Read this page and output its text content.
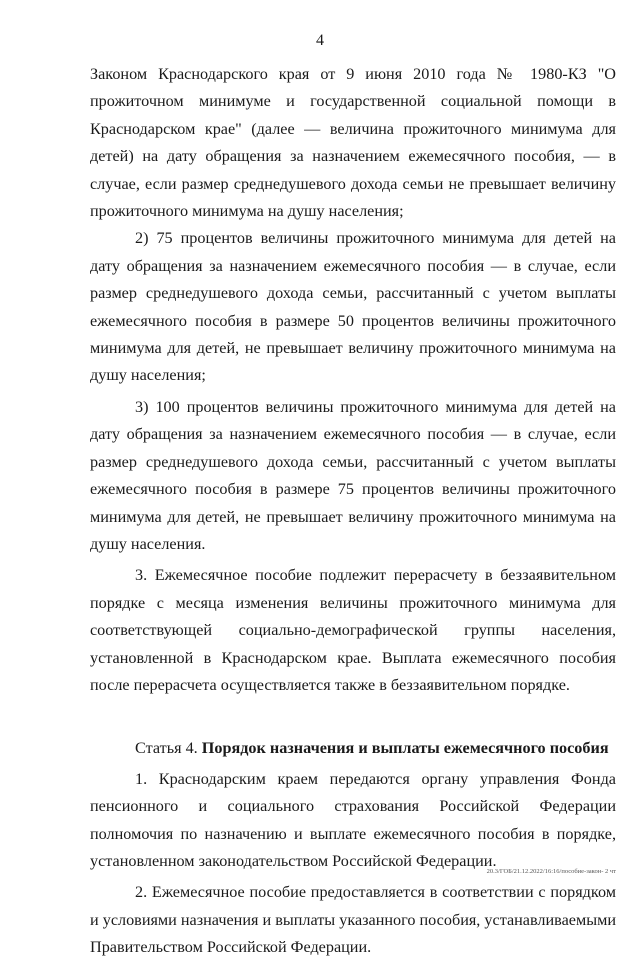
4

Законом Краснодарского края от 9 июня 2010 года № 1980-КЗ "О прожиточном минимуме и государственной социальной помощи в Краснодарском крае" (далее — величина прожиточного минимума для детей) на дату обращения за назначением ежемесячного пособия, — в случае, если размер среднедушевого дохода семьи не превышает величину прожиточного минимума на душу населения;

2) 75 процентов величины прожиточного минимума для детей на дату обращения за назначением ежемесячного пособия — в случае, если размер среднедушевого дохода семьи, рассчитанный с учетом выплаты ежемесячного пособия в размере 50 процентов величины прожиточного минимума для детей, не превышает величину прожиточного минимума на душу населения;

3) 100 процентов величины прожиточного минимума для детей на дату обращения за назначением ежемесячного пособия — в случае, если размер среднедушевого дохода семьи, рассчитанный с учетом выплаты ежемесячного пособия в размере 75 процентов величины прожиточного минимума для детей, не превышает величину прожиточного минимума на душу населения.

3. Ежемесячное пособие подлежит перерасчету в беззаявительном порядке с месяца изменения величины прожиточного минимума для соответствующей социально-демографической группы населения, установленной в Краснодарском крае. Выплата ежемесячного пособия после перерасчета осуществляется также в беззаявительном порядке.

Статья 4. Порядок назначения и выплаты ежемесячного пособия

1. Краснодарским краем передаются органу управления Фонда пенсионного и социального страхования Российской Федерации полномочия по назначению и выплате ежемесячного пособия в порядке, установленном законодательством Российской Федерации.

2. Ежемесячное пособие предоставляется в соответствии с порядком и условиями назначения и выплаты указанного пособия, устанавливаемыми Правительством Российской Федерации.

20.3/ГОБ/21.12.2022/16:16/пособие-закон- 2 чт
